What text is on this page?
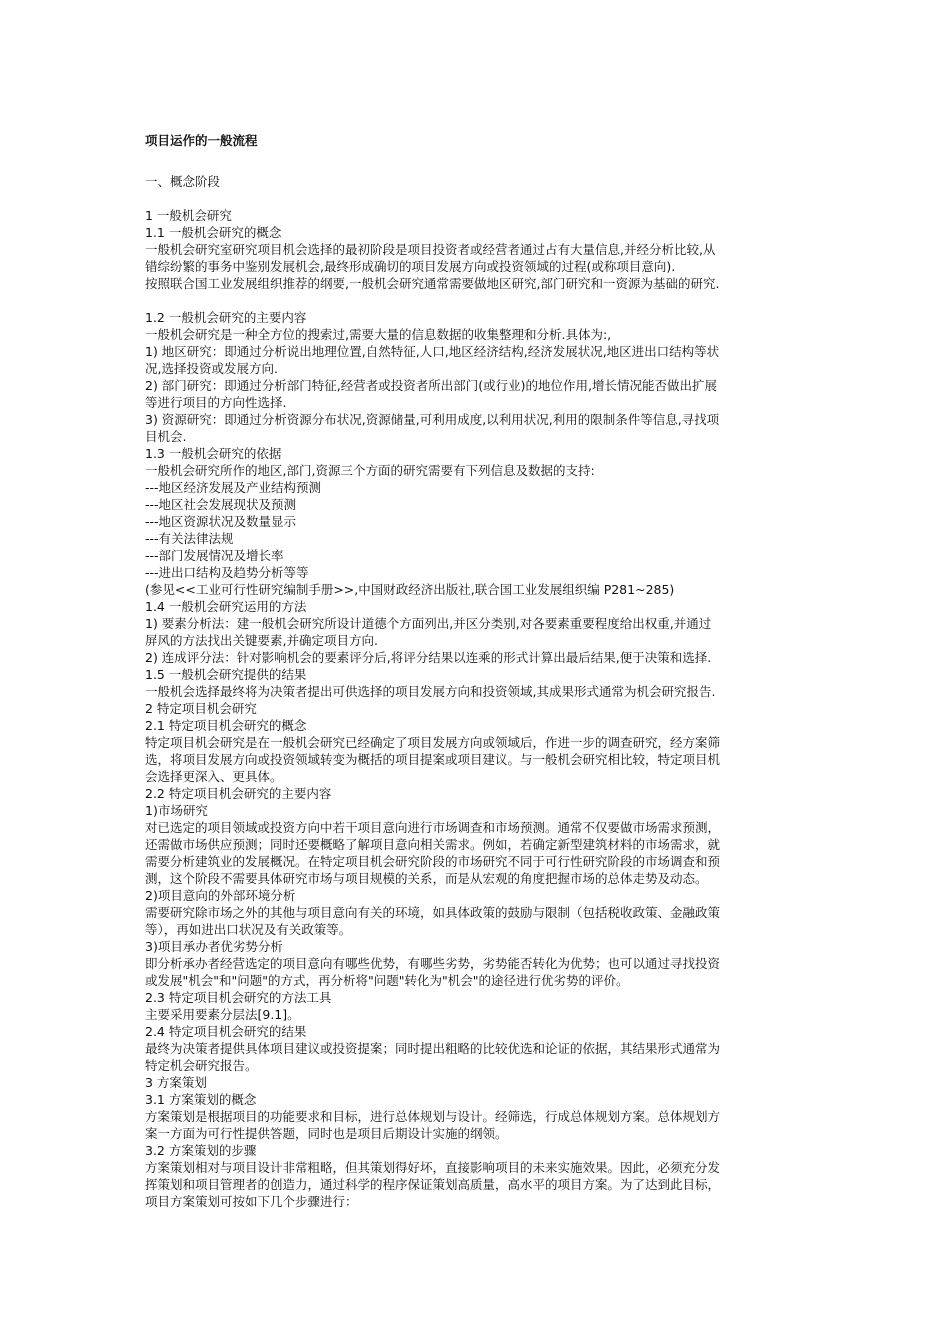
项目运作的一般流程
一、概念阶段
1 一般机会研究
1.1 一般机会研究的概念
一般机会研究室研究项目机会选择的最初阶段是项目投资者或经营者通过占有大量信息,并经分析比较,从
错综纷繁的事务中鉴别发展机会,最终形成确切的项目发展方向或投资领域的过程(或称项目意向).
按照联合国工业发展组织推荐的纲要,一般机会研究通常需要做地区研究,部门研究和一资源为基础的研究.
1.2 一般机会研究的主要内容
一般机会研究是一种全方位的搜索过,需要大量的信息数据的收集整理和分析.具体为:,
1) 地区研究：即通过分析说出地理位置,自然特征,人口,地区经济结构,经济发展状况,地区进出口结构等状
况,选择投资或发展方向.
2) 部门研究：即通过分析部门特征,经营者或投资者所出部门(或行业)的地位作用,增长情况能否做出扩展
等进行项目的方向性选择.
3) 资源研究：即通过分析资源分布状况,资源储量,可利用成度,以利用状况,利用的限制条件等信息,寻找项
目机会.
1.3 一般机会研究的依据
一般机会研究所作的地区,部门,资源三个方面的研究需要有下列信息及数据的支持:
---地区经济发展及产业结构预测
---地区社会发展现状及预测
---地区资源状况及数量显示
---有关法律法规
---部门发展情况及增长率
---进出口结构及趋势分析等等
(参见<<工业可行性研究编制手册>>,中国财政经济出版社,联合国工业发展组织编 P281~285)
1.4 一般机会研究运用的方法
1) 要素分析法：建一般机会研究所设计道德个方面列出,并区分类别,对各要素重要程度给出权重,并通过
屏风的方法找出关键要素,并确定项目方向.
2) 连成评分法：针对影响机会的要素评分后,将评分结果以连乘的形式计算出最后结果,便于决策和选择.
1.5 一般机会研究提供的结果
一般机会选择最终将为决策者提出可供选择的项目发展方向和投资领域,其成果形式通常为机会研究报告.
2 特定项目机会研究
2.1 特定项目机会研究的概念
特定项目机会研究是在一般机会研究已经确定了项目发展方向或领域后，作进一步的调查研究，经方案筛
选，将项目发展方向或投资领域转变为概括的项目提案或项目建议。与一般机会研究相比较，特定项目机
会选择更深入、更具体。
2.2 特定项目机会研究的主要内容
1)市场研究
对已选定的项目领域或投资方向中若干项目意向进行市场调查和市场预测。通常不仅要做市场需求预测，
还需做市场供应预测；同时还要概略了解项目意向相关需求。例如，若确定新型建筑材料的市场需求，就
需要分析建筑业的发展概况。在特定项目机会研究阶段的市场研究不同于可行性研究阶段的市场调查和预
测，这个阶段不需要具体研究市场与项目规模的关系，而是从宏观的角度把握市场的总体走势及动态。
2)项目意向的外部环境分析
需要研究除市场之外的其他与项目意向有关的环境，如具体政策的鼓励与限制（包括税收政策、金融政策
等），再如进出口状况及有关政策等。
3)项目承办者优劣势分析
即分析承办者经营选定的项目意向有哪些优势，有哪些劣势，劣势能否转化为优势；也可以通过寻找投资
或发展"机会"和"问题"的方式，再分析将"问题"转化为"机会"的途径进行优劣势的评价。
2.3 特定项目机会研究的方法工具
主要采用要素分层法[9.1]。
2.4 特定项目机会研究的结果
最终为决策者提供具体项目建议或投资提案；同时提出粗略的比较优选和论证的依据，其结果形式通常为
特定机会研究报告。
3 方案策划
3.1 方案策划的概念
方案策划是根据项目的功能要求和目标，进行总体规划与设计。经筛选，行成总体规划方案。总体规划方
案一方面为可行性提供答题，同时也是项目后期设计实施的纲领。
3.2 方案策划的步骤
方案策划相对与项目设计非常粗略，但其策划得好坏，直接影响项目的未来实施效果。因此，必须充分发
挥策划和项目管理者的创造力，通过科学的程序保证策划高质量，高水平的项目方案。为了达到此目标，
项目方案策划可按如下几个步骤进行：
